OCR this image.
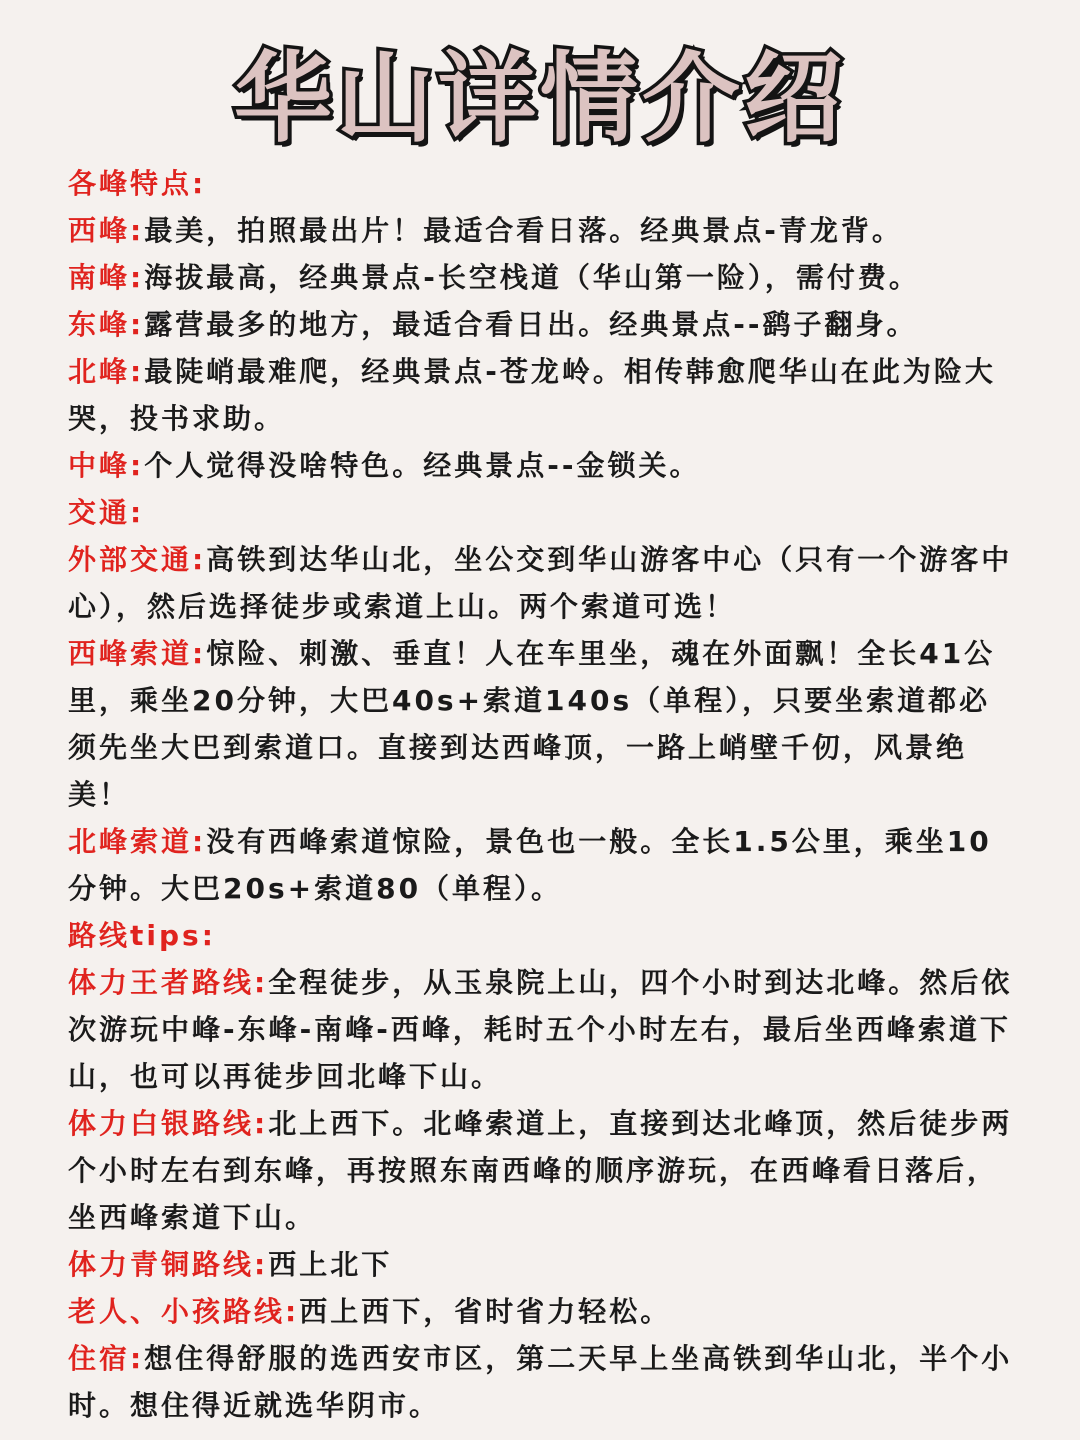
华山详情介绍

各峰特点:

西峰:最美，拍照最出片！最适合看日落。经典景点-青龙背。

南峰:海拔最高，经典景点-长空栈道（华山第一险），需付费。

东峰:露营最多的地方，最适合看日出。经典景点--鹞子翻身。

北峰:最陡峭最难爬，经典景点-苍龙岭。相传韩愈爬华山在此为险大哭，投书求助。

中峰:个人觉得没啥特色。经典景点--金锁关。

交通:

外部交通:高铁到达华山北，坐公交到华山游客中心（只有一个游客中心），然后选择徒步或索道上山。两个索道可选！

西峰索道:惊险、刺激、垂直！人在车里坐，魂在外面飘！全长41公里，乘坐20分钟，大巴40s+索道140s（单程），只要坐索道都必须先坐大巴到索道口。直接到达西峰顶，一路上峭壁千仞，风景绝美！

北峰索道:没有西峰索道惊险，景色也一般。全长1.5公里，乘坐10分钟。大巴20s+索道80（单程）。

路线tips:

体力王者路线:全程徒步，从玉泉院上山，四个小时到达北峰。然后依次游玩中峰-东峰-南峰-西峰，耗时五个小时左右，最后坐西峰索道下山，也可以再徒步回北峰下山。

体力白银路线:北上西下。北峰索道上，直接到达北峰顶，然后徒步两个小时左右到东峰，再按照东南西峰的顺序游玩，在西峰看日落后，坐西峰索道下山。

体力青铜路线:西上北下

老人、小孩路线:西上西下，省时省力轻松。

住宿:想住得舒服的选西安市区，第二天早上坐高铁到华山北，半个小时。想住得近就选华阴市。
